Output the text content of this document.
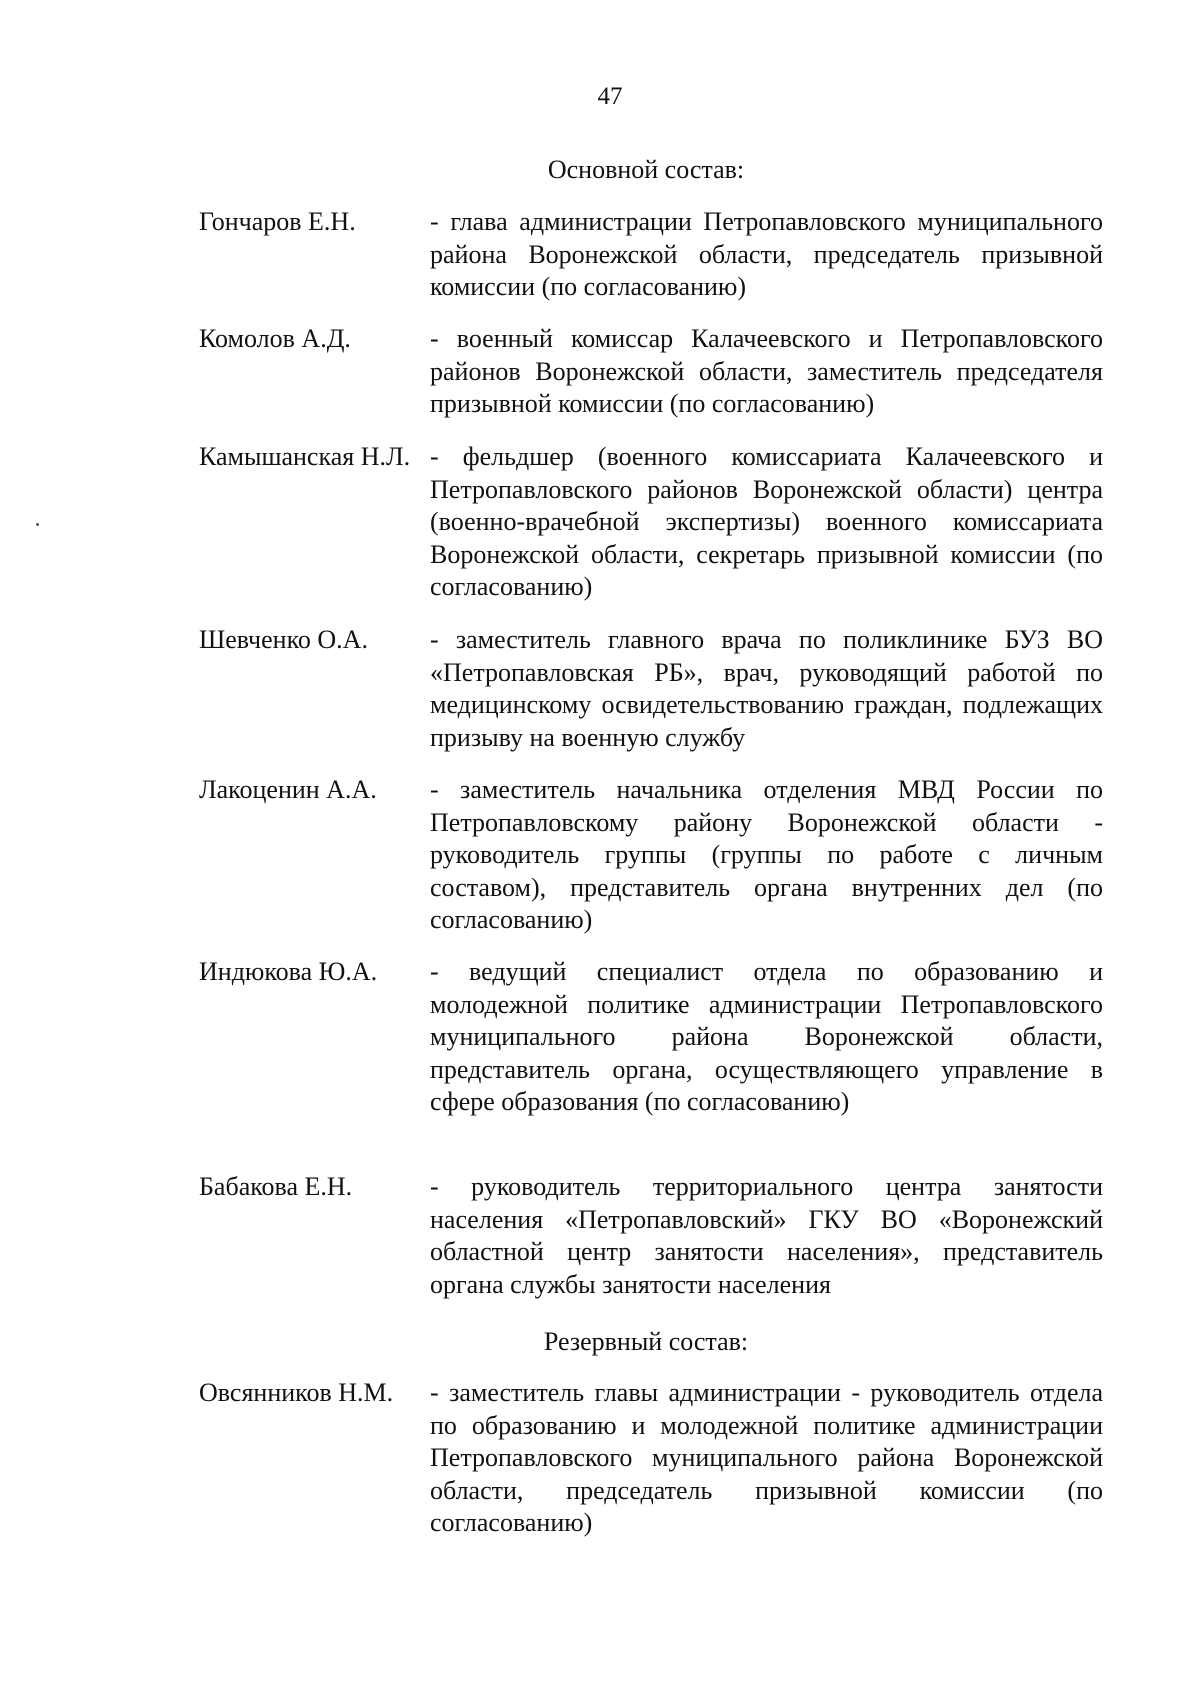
47
Основной состав:
Гончаров Е.Н.	- глава администрации Петропавловского муниципального района Воронежской области, председатель призывной комиссии (по согласованию)
Комолов А.Д.	- военный комиссар Калачеевского и Петропавловского районов Воронежской области, заместитель председателя призывной комиссии (по согласованию)
Камышанская Н.Л. - фельдшер (военного комиссариата Калачеевского и Петропавловского районов Воронежской области) центра (военно-врачебной экспертизы) военного комиссариата Воронежской области, секретарь призывной комиссии (по согласованию)
Шевченко О.А.	- заместитель главного врача по поликлинике БУЗ ВО «Петропавловская РБ», врач, руководящий работой по медицинскому освидетельствованию граждан, подлежащих призыву на военную службу
Лакоценин А.А.	- заместитель начальника отделения МВД России по Петропавловскому району Воронежской области - руководитель группы (группы по работе с личным составом), представитель органа внутренних дел (по согласованию)
Индюкова Ю.А.	- ведущий специалист отдела по образованию и молодежной политике администрации Петропавловского муниципального района Воронежской области, представитель органа, осуществляющего управление в сфере образования (по согласованию)
Бабакова Е.Н.	- руководитель территориального центра занятости населения «Петропавловский» ГКУ ВО «Воронежский областной центр занятости населения», представитель органа службы занятости населения
Резервный состав:
Овсянников Н.М.	- заместитель главы администрации - руководитель отдела по образованию и молодежной политике администрации Петропавловского муниципального района Воронежской области, председатель призывной комиссии (по согласованию)
